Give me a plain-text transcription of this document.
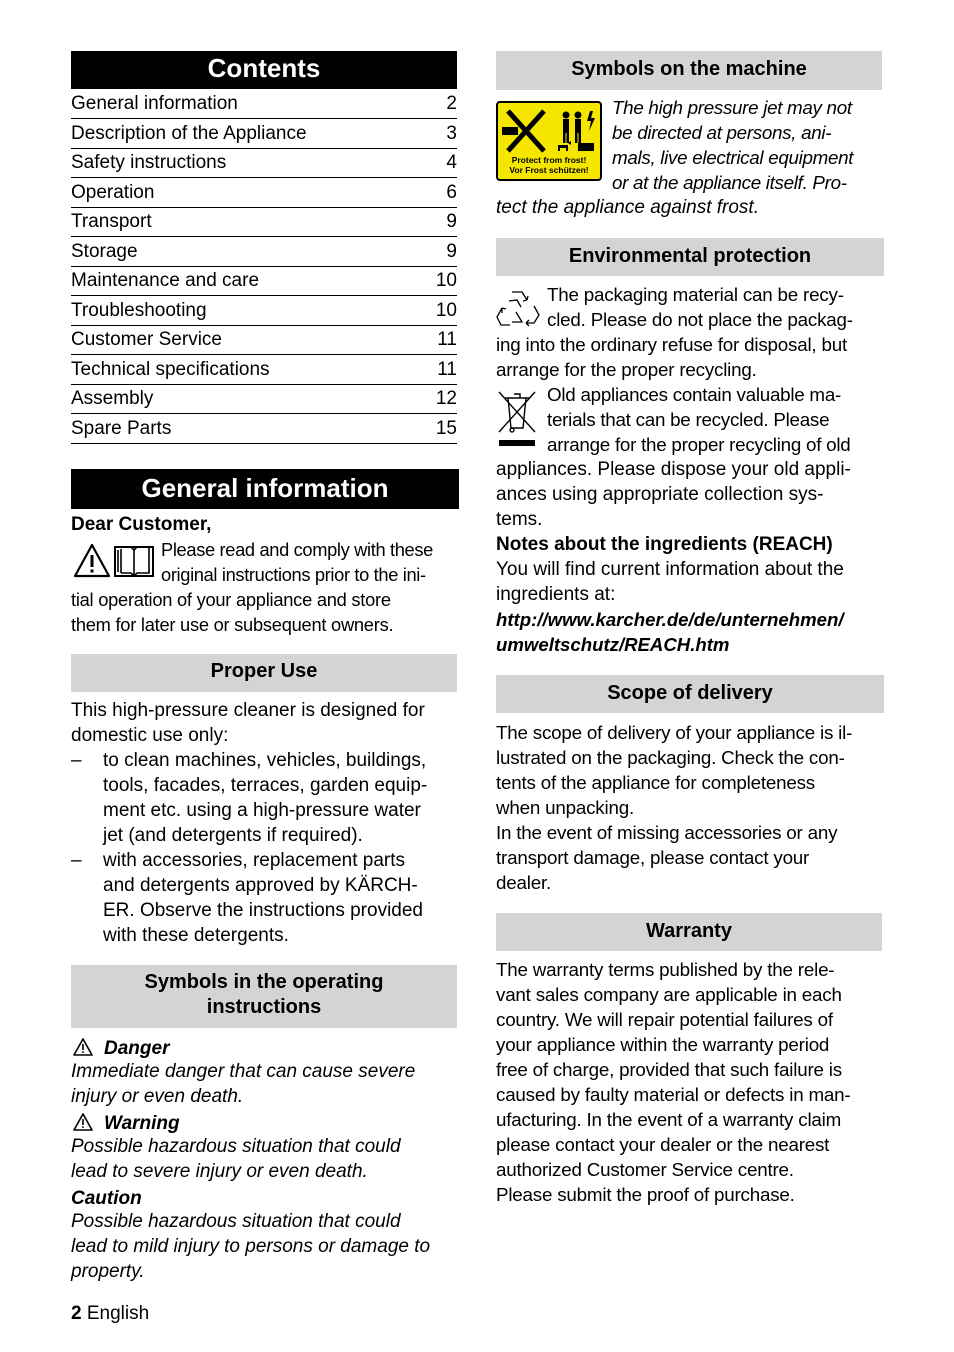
Contents
General information	2
Description of the Appliance	3
Safety instructions	4
Operation	6
Transport	9
Storage	9
Maintenance and care	10
Troubleshooting	10
Customer Service	11
Technical specifications	11
Assembly	12
Spare Parts	15
General information
Dear Customer,
Please read and comply with these
original instructions prior to the ini-
tial operation of your appliance and store
them for later use or subsequent owners.
Proper Use
This high-pressure cleaner is designed for
domestic use only:
– to clean machines, vehicles, buildings,
tools, facades, terraces, garden equip-
ment etc. using a high-pressure water
jet (and detergents if required).
– with accessories, replacement parts
and detergents approved by KÄRCH-
ER. Observe the instructions provided
with these detergents.
Symbols in the operating
instructions
Danger
Immediate danger that can cause severe
injury or even death.
Warning
Possible hazardous situation that could
lead to severe injury or even death.
Caution
Possible hazardous situation that could
lead to mild injury to persons or damage to
property.
2 English
Symbols on the machine
Protect from frost!
Vor Frost schützen!
The high pressure jet may not
be directed at persons, ani-
mals, live electrical equipment
or at the appliance itself. Pro-
tect the appliance against frost.
Environmental protection
The packaging material can be recy-
cled. Please do not place the packag-
ing into the ordinary refuse for disposal, but
arrange for the proper recycling.
Old appliances contain valuable ma-
terials that can be recycled. Please
arrange for the proper recycling of old
appliances. Please dispose your old appli-
ances using appropriate collection sys-
tems.
Notes about the ingredients (REACH)
You will find current information about the
ingredients at:
http://www.karcher.de/de/unternehmen/
umweltschutz/REACH.htm
Scope of delivery
The scope of delivery of your appliance is il-
lustrated on the packaging. Check the con-
tents of the appliance for completeness
when unpacking.
In the event of missing accessories or any
transport damage, please contact your
dealer.
Warranty
The warranty terms published by the rele-
vant sales company are applicable in each
country. We will repair potential failures of
your appliance within the warranty period
free of charge, provided that such failure is
caused by faulty material or defects in man-
ufacturing. In the event of a warranty claim
please contact your dealer or the nearest
authorized Customer Service centre.
Please submit the proof of purchase.
